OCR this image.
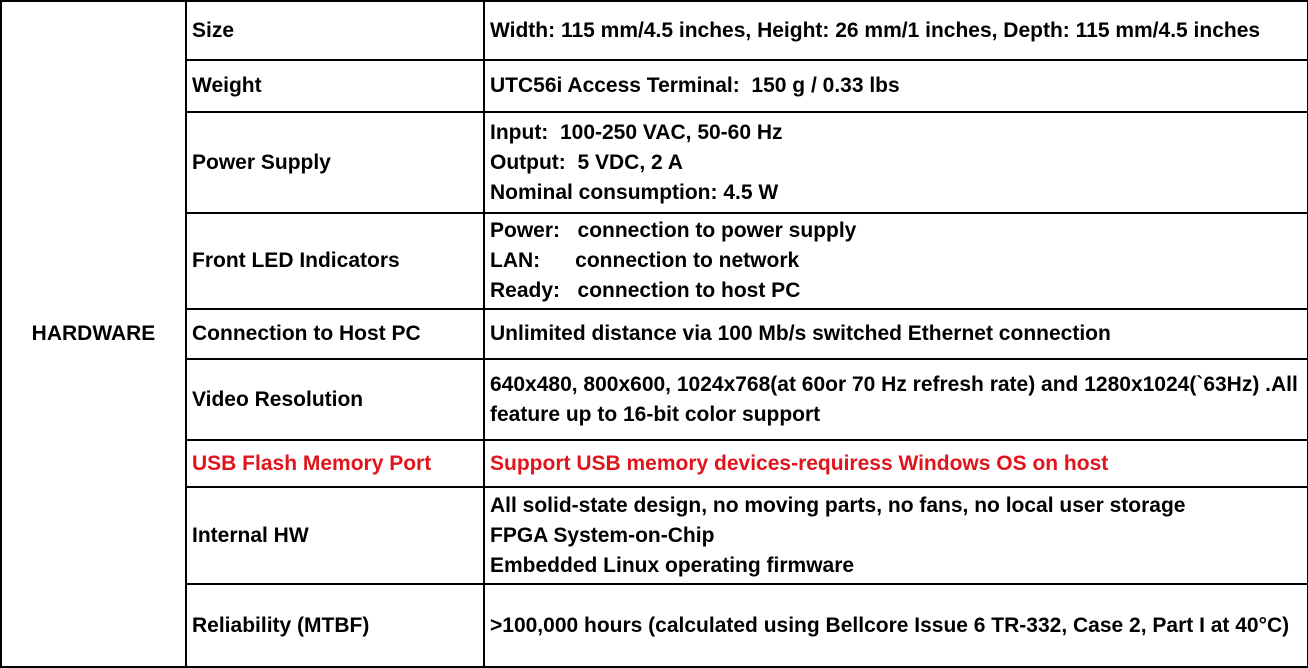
HARDWARE	Size	Width: 115 mm/4.5 inches, Height: 26 mm/1 inches, Depth: 115 mm/4.5 inches

	Weight	UTC56i Access Terminal:  150 g / 0.33 lbs

	Power Supply	Input:  100-250 VAC, 50-60 Hz
Output:  5 VDC, 2 A
Nominal consumption: 4.5 W

	Front LED Indicators	Power:   connection to power supply
LAN:      connection to network
Ready:   connection to host PC

	Connection to Host PC	Unlimited distance via 100 Mb/s switched Ethernet connection

	Video Resolution	640x480, 800x600, 1024x768(at 60or 70 Hz refresh rate) and 1280x1024(`63Hz) .All feature up to 16-bit color support

	USB Flash Memory Port	Support USB memory devices-requiress Windows OS on host

	Internal HW	All solid-state design, no moving parts, no fans, no local user storage
FPGA System-on-Chip
Embedded Linux operating firmware

	Reliability (MTBF)	>100,000 hours (calculated using Bellcore Issue 6 TR-332, Case 2, Part I at 40°C)
